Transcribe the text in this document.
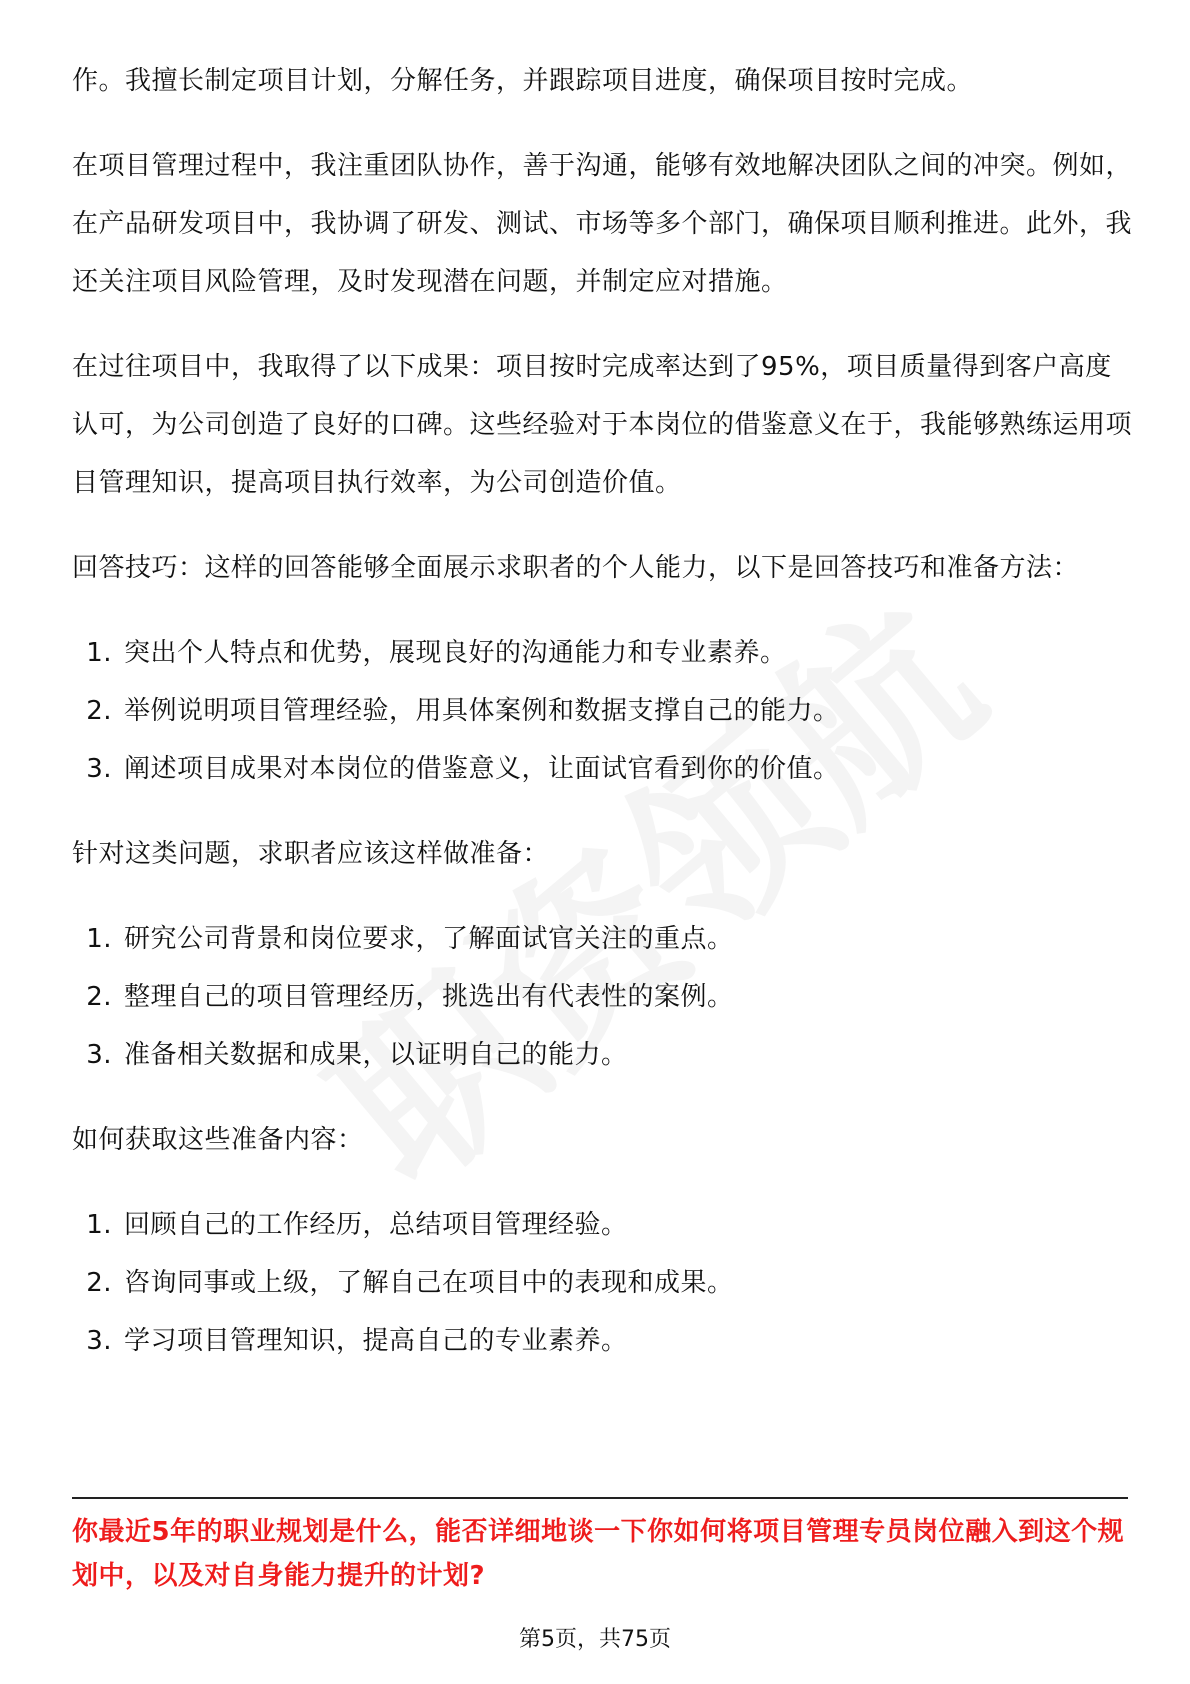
作。我擅长制定项目计划，分解任务，并跟踪项目进度，确保项目按时完成。

在项目管理过程中，我注重团队协作，善于沟通，能够有效地解决团队之间的冲突。例如，在产品研发项目中，我协调了研发、测试、市场等多个部门，确保项目顺利推进。此外，我还关注项目风险管理，及时发现潜在问题，并制定应对措施。

在过往项目中，我取得了以下成果：项目按时完成率达到了95%，项目质量得到客户高度认可，为公司创造了良好的口碑。这些经验对于本岗位的借鉴意义在于，我能够熟练运用项目管理知识，提高项目执行效率，为公司创造价值。

回答技巧：这样的回答能够全面展示求职者的个人能力，以下是回答技巧和准备方法：

1. 突出个人特点和优势，展现良好的沟通能力和专业素养。
2. 举例说明项目管理经验，用具体案例和数据支撑自己的能力。
3. 阐述项目成果对本岗位的借鉴意义，让面试官看到你的价值。

针对这类问题，求职者应该这样做准备：

1. 研究公司背景和岗位要求，了解面试官关注的重点。
2. 整理自己的项目管理经历，挑选出有代表性的案例。
3. 准备相关数据和成果，以证明自己的能力。

如何获取这些准备内容：

1. 回顾自己的工作经历，总结项目管理经验。
2. 咨询同事或上级，了解自己在项目中的表现和成果。
3. 学习项目管理知识，提高自己的专业素养。
你最近5年的职业规划是什么，能否详细地谈一下你如何将项目管理专员岗位融入到这个规划中，以及对自身能力提升的计划?
第5页，共75页
